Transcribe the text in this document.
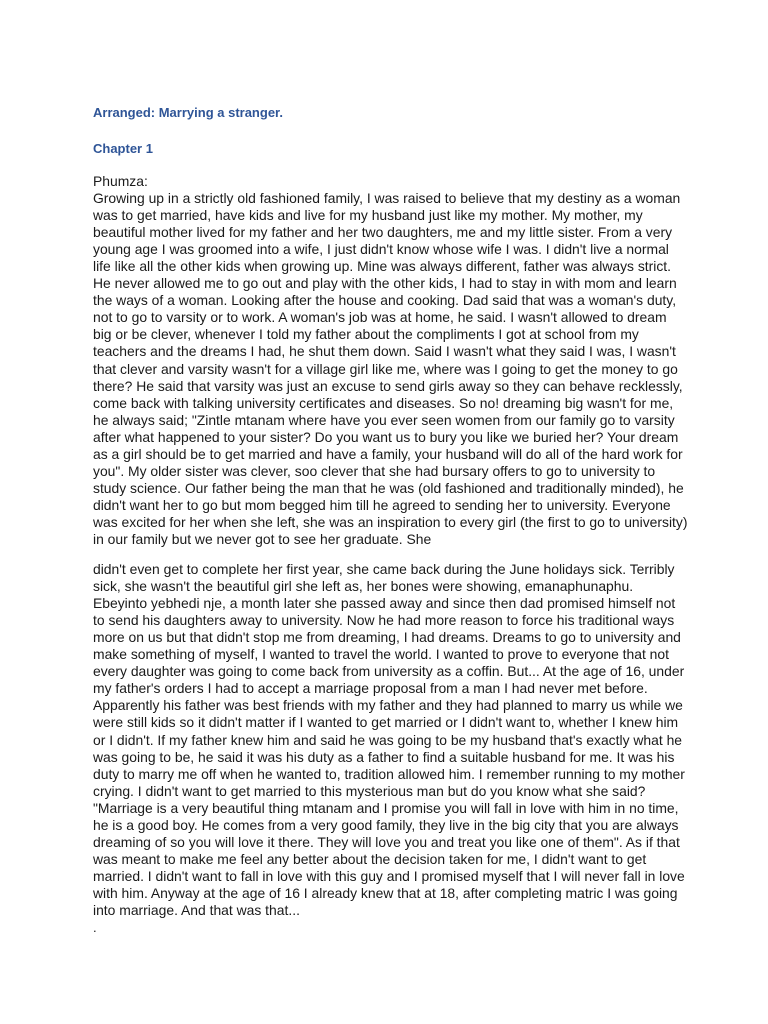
Arranged: Marrying a stranger.
Chapter 1

Phumza:
Growing up in a strictly old fashioned family, I was raised to believe that my destiny as a woman
was to get married, have kids and live for my husband just like my mother. My mother, my
beautiful mother lived for my father and her two daughters, me and my little sister. From a very
young age I was groomed into a wife, I just didn't know whose wife I was. I didn't live a normal
life like all the other kids when growing up. Mine was always different, father was always strict.
He never allowed me to go out and play with the other kids, I had to stay in with mom and learn
the ways of a woman. Looking after the house and cooking. Dad said that was a woman's duty,
not to go to varsity or to work. A woman's job was at home, he said. I wasn't allowed to dream
big or be clever, whenever I told my father about the compliments I got at school from my
teachers and the dreams I had, he shut them down. Said I wasn't what they said I was, I wasn't
that clever and varsity wasn't for a village girl like me, where was I going to get the money to go
there? He said that varsity was just an excuse to send girls away so they can behave recklessly,
come back with talking university certificates and diseases. So no! dreaming big wasn't for me,
he always said; "Zintle mtanam where have you ever seen women from our family go to varsity
after what happened to your sister? Do you want us to bury you like we buried her? Your dream
as a girl should be to get married and have a family, your husband will do all of the hard work for
you". My older sister was clever, soo clever that she had bursary offers to go to university to
study science. Our father being the man that he was (old fashioned and traditionally minded), he
didn't want her to go but mom begged him till he agreed to sending her to university. Everyone
was excited for her when she left, she was an inspiration to every girl (the first to go to university)
in our family but we never got to see her graduate. She

didn't even get to complete her first year, she came back during the June holidays sick. Terribly
sick, she wasn't the beautiful girl she left as, her bones were showing, emanaphunaphu.
Ebeyinto yebhedi nje, a month later she passed away and since then dad promised himself not
to send his daughters away to university. Now he had more reason to force his traditional ways
more on us but that didn't stop me from dreaming, I had dreams. Dreams to go to university and
make something of myself, I wanted to travel the world. I wanted to prove to everyone that not
every daughter was going to come back from university as a coffin. But... At the age of 16, under
my father's orders I had to accept a marriage proposal from a man I had never met before.
Apparently his father was best friends with my father and they had planned to marry us while we
were still kids so it didn't matter if I wanted to get married or I didn't want to, whether I knew him
or I didn't. If my father knew him and said he was going to be my husband that's exactly what he
was going to be, he said it was his duty as a father to find a suitable husband for me. It was his
duty to marry me off when he wanted to, tradition allowed him. I remember running to my mother
crying. I didn't want to get married to this mysterious man but do you know what she said?
"Marriage is a very beautiful thing mtanam and I promise you will fall in love with him in no time,
he is a good boy. He comes from a very good family, they live in the big city that you are always
dreaming of so you will love it there. They will love you and treat you like one of them". As if that
was meant to make me feel any better about the decision taken for me, I didn't want to get
married. I didn't want to fall in love with this guy and I promised myself that I will never fall in love
with him. Anyway at the age of 16 I already knew that at 18, after completing matric I was going
into marriage. And that was that...

.
